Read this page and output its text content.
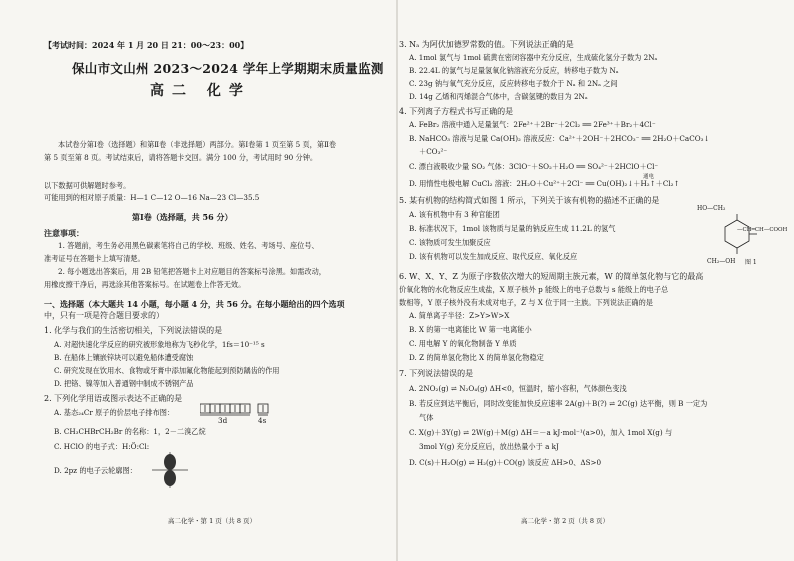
【考试时间：2024 年 1 月 20 日 21：00～23：00】
保山市文山州 2023～2024 学年上学期期末质量监测
高二 化学
本试卷分第Ⅰ卷（选择题）和第Ⅱ卷（非选择题）两部分。第Ⅰ卷第 1 页至第 5 页，第Ⅱ卷
第 5 页至第 8 页。考试结束后，请将答题卡交回。满分 100 分，考试用时 90 分钟。
以下数据可供解题时参考。
可能用到的相对原子质量：H—1 C—12 O—16 Na—23 Cl—35.5
第Ⅰ卷（选择题，共 56 分）
注意事项：
1. 答题前，考生务必用黑色碳素笔将自己的学校、班级、姓名、考场号、座位号、
准考证号在答题卡上填写清楚。
2. 每小题选出答案后，用 2B 铅笔把答题卡上对应题目的答案标号涂黑。如需改动，
用橡皮擦干净后，再选涂其他答案标号。在试题卷上作答无效。
一、选择题（本大题共 14 小题，每小题 4 分，共 56 分。在每小题给出的四个选项
中，只有一项是符合题目要求的）
1. 化学与我们的生活密切相关，下列说法错误的是
A. 对超快速化学反应的研究被形象地称为飞秒化学，1fs＝10⁻¹⁵ s
B. 在船体上镶嵌锌块可以避免船体遭受腐蚀
C. 研究发现在饮用水、食物或牙膏中添加氟化物能起到预防龋齿的作用
D. 把铬、镍等加入普通钢中制成不锈钢产品
2. 下列化学用语或图示表达不正确的是
A. 基态₂₄Cr 原子的价层电子排布图：
3d	4s
B. CH₃CHBrCH₂Br 的名称：1，2－二溴乙烷
C. HClO 的电子式：H:Ö:Cl:
D. 2pz 的电子云轮廓图：
高二化学・第 1 页（共 8 页）
3. Nₐ 为阿伏加德罗常数的值。下列说法正确的是
A. 1mol 氯气与 1mol 硫黄在密闭容器中充分反应，生成硫化氢分子数为 2Nₐ
B. 22.4L 的氯气与足量氢氧化钠溶液充分反应，转移电子数为 Nₐ
C. 23g 钠与氧气充分反应，反应转移电子数介于 Nₐ 和 2Nₐ 之间
D. 14g 乙烯和丙烯混合气体中，含碳氢键的数目为 2Nₐ
4. 下列离子方程式书写正确的是
A. FeBr₂ 溶液中通入足量氯气：2Fe²⁺＋2Br⁻＋2Cl₂ ══ 2Fe³⁺＋Br₂＋4Cl⁻
B. NaHCO₃ 溶液与足量 Ca(OH)₂ 溶液反应：Ca²⁺＋2OH⁻＋2HCO₃⁻ ══ 2H₂O＋CaCO₃↓
＋CO₃²⁻
C. 漂白液吸收少量 SO₂ 气体：3ClO⁻＋SO₂＋H₂O ══ SO₄²⁻＋2HClO＋Cl⁻
通电
D. 用惰性电极电解 CuCl₂ 溶液：2H₂O＋Cu²⁺＋2Cl⁻ ══ Cu(OH)₂↓＋H₂↑＋Cl₂↑
5. 某有机物的结构简式如图 1 所示，下列关于该有机物的描述不正确的是
A. 该有机物中有 3 种官能团
B. 标准状况下，1mol 该物质与足量的钠反应生成 11.2L 的氢气
C. 该物质可发生加聚反应
D. 该有机物可以发生加成反应、取代反应、氧化反应
HO—CH₂
—CH═CH—COOH
CH₂—OH 图 1
6. W、X、Y、Z 为原子序数依次增大的短周期主族元素，W 的简单氢化物与它的最高
价氧化物的水化物反应生成盐，X 原子核外 p 能级上的电子总数与 s 能级上的电子总
数相等，Y 原子核外没有未成对电子，Z 与 X 位于同一主族。下列说法正确的是
A. 简单离子半径：Z>Y>W>X
B. X 的第一电离能比 W 第一电离能小
C. 用电解 Y 的氧化物制备 Y 单质
D. Z 的简单氢化物比 X 的简单氢化物稳定
7. 下列说法错误的是
A. 2NO₂(g) ⇌ N₂O₄(g) ΔH<0，恒温时，缩小容积，气体颜色变浅
B. 若反应到达平衡后，同时改变能加快反应速率 2A(g)＋B(?) ⇌ 2C(g) 达平衡，则 B 一定为
气体
C. X(g)＋3Y(g) ⇌ 2W(g)＋M(g) ΔH＝－a kJ·mol⁻¹(a>0)，加入 1mol X(g) 与
3mol Y(g) 充分反应后，放出热量小于 a kJ
D. C(s)＋H₂O(g) ⇌ H₂(g)＋CO(g) 该反应 ΔH>0、ΔS>0
高二化学・第 2 页（共 8 页）
